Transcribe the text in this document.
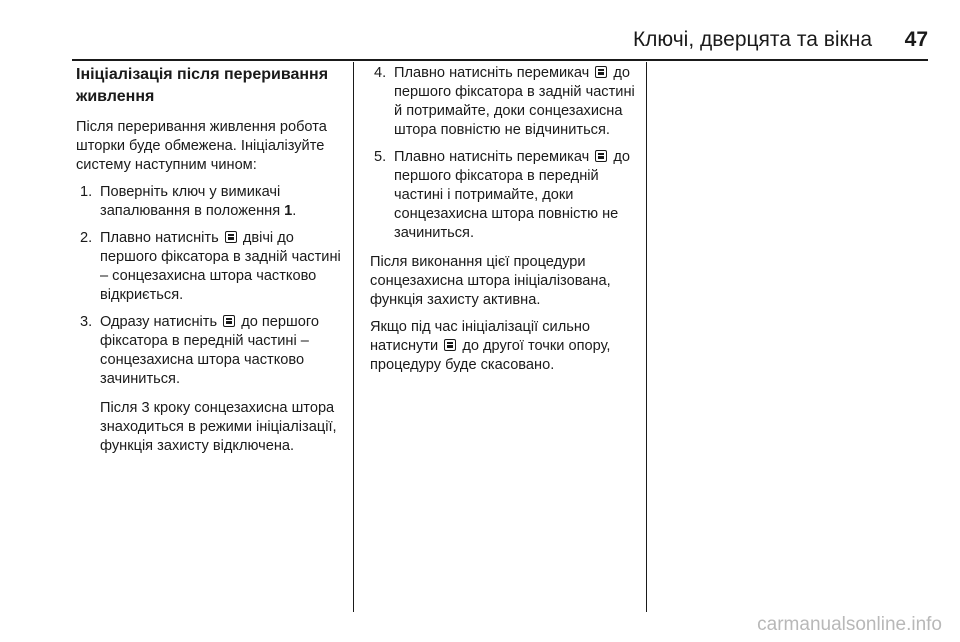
Ключі, дверцята та вікна 47
Ініціалізація після переривання живлення

Після переривання живлення робота шторки буде обмежена. Ініціалізуйте систему наступним чином:

1. Поверніть ключ у вимикачі запалювання в положення 1.
2. Плавно натисніть двічі до першого фіксатора в задній частині – сонцезахисна штора частково відкриється.
3. Одразу натисніть до першого фіксатора в передній частині – сонцезахисна штора частково зачиниться.

Після 3 кроку сонцезахисна штора знаходиться в режими ініціалізації, функція захисту відключена.

4. Плавно натисніть перемикач до першого фіксатора в задній частині й потримайте, доки сонцезахисна штора повністю не відчиниться.
5. Плавно натисніть перемикач до першого фіксатора в передній частині і потримайте, доки сонцезахисна штора повністю не зачиниться.

Після виконання цієї процедури сонцезахисна штора ініціалізована, функція захисту активна.

Якщо під час ініціалізації сильно натиснути до другої точки опору, процедуру буде скасовано.

carmanualsonline.info
